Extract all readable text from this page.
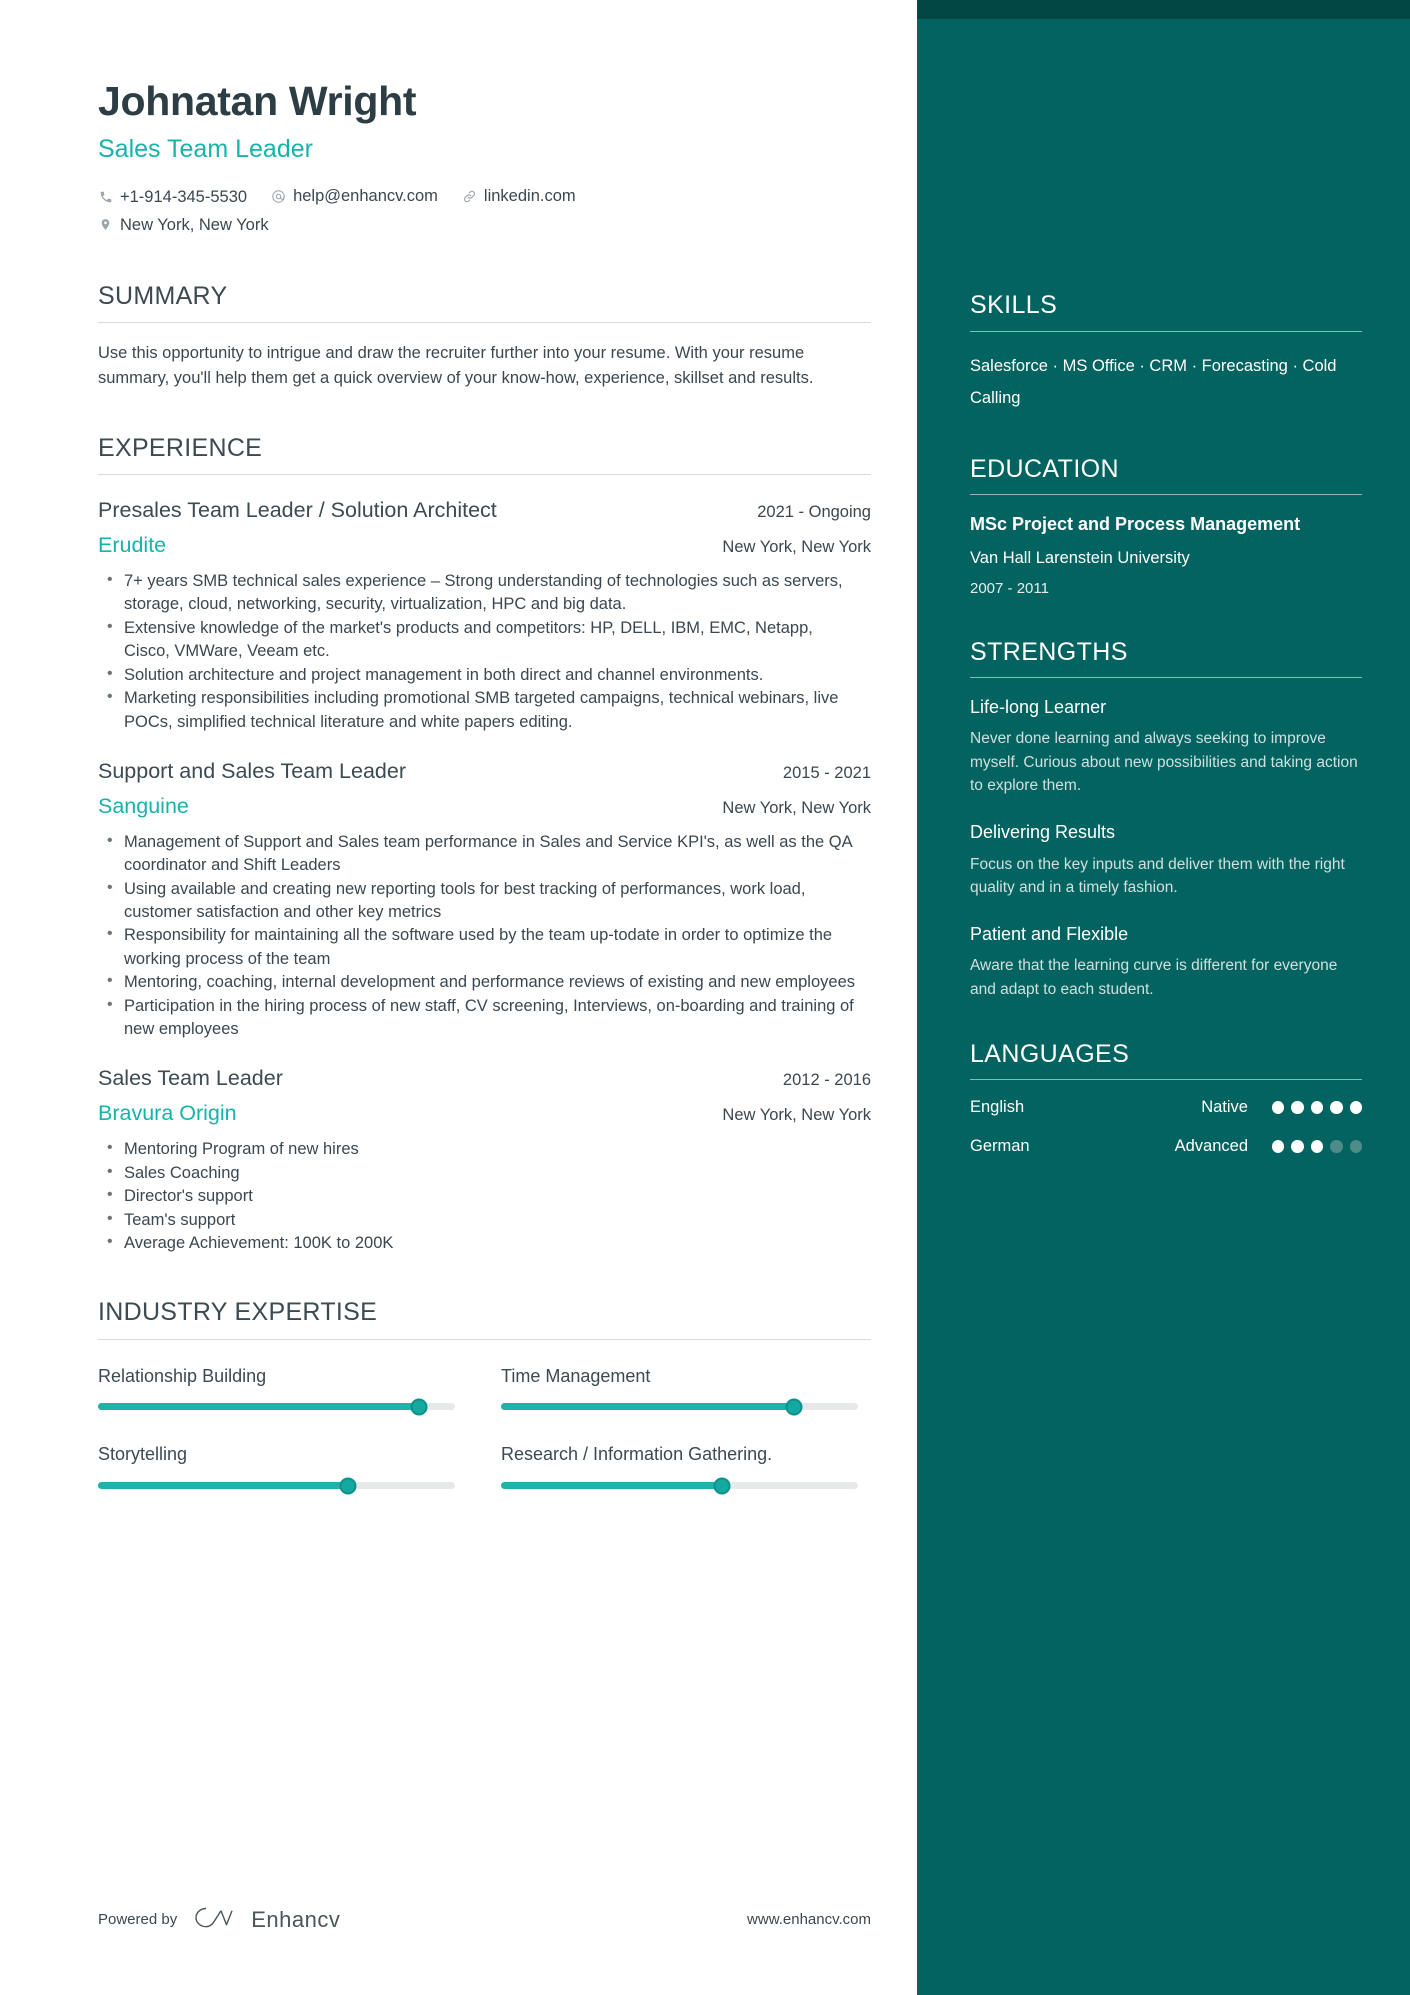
SKILLS

Salesforce · MS Office · CRM · Forecasting · Cold Calling

EDUCATION
MSc Project and Process Management
Van Hall Larenstein University
2007 - 2011
STRENGTHS
Life-long Learner
Never done learning and always seeking to improve myself. Curious about new possibilities and taking action to explore them.
Delivering Results
Focus on the key inputs and deliver them with the right quality and in a timely fashion.
Patient and Flexible
Aware that the learning curve is different for everyone and adapt to each student.
LANGUAGES
English	Native
German	Advanced
Johnatan Wright
Sales Team Leader
+1-914-345-5530	help@enhancv.com	linkedin.com
New York, New York
SUMMARY

Use this opportunity to intrigue and draw the recruiter further into your resume. With your resume summary, you'll help them get a quick overview of your know-how, experience, skillset and results.

EXPERIENCE
Presales Team Leader / Solution Architect	2021 - Ongoing
Erudite	New York, New York
• 7+ years SMB technical sales experience – Strong understanding of technologies such as servers, storage, cloud, networking, security, virtualization, HPC and big data.
• Extensive knowledge of the market's products and competitors: HP, DELL, IBM, EMC, Netapp, Cisco, VMWare, Veeam etc.
• Solution architecture and project management in both direct and channel environments.
• Marketing responsibilities including promotional SMB targeted campaigns, technical webinars, live POCs, simplified technical literature and white papers editing.
Support and Sales Team Leader	2015 - 2021
Sanguine	New York, New York
• Management of Support and Sales team performance in Sales and Service KPI's, as well as the QA coordinator and Shift Leaders
• Using available and creating new reporting tools for best tracking of performances, work load, customer satisfaction and other key metrics
• Responsibility for maintaining all the software used by the team up-todate in order to optimize the working process of the team
• Mentoring, coaching, internal development and performance reviews of existing and new employees
• Participation in the hiring process of new staff, CV screening, Interviews, on-boarding and training of new employees
Sales Team Leader	2012 - 2016
Bravura Origin	New York, New York
• Mentoring Program of new hires
• Sales Coaching
• Director's support
• Team's support
• Average Achievement: 100K to 200K
INDUSTRY EXPERTISE
Relationship Building	Time Management
Storytelling	Research / Information Gathering.
Powered by	Enhancv	www.enhancv.com
